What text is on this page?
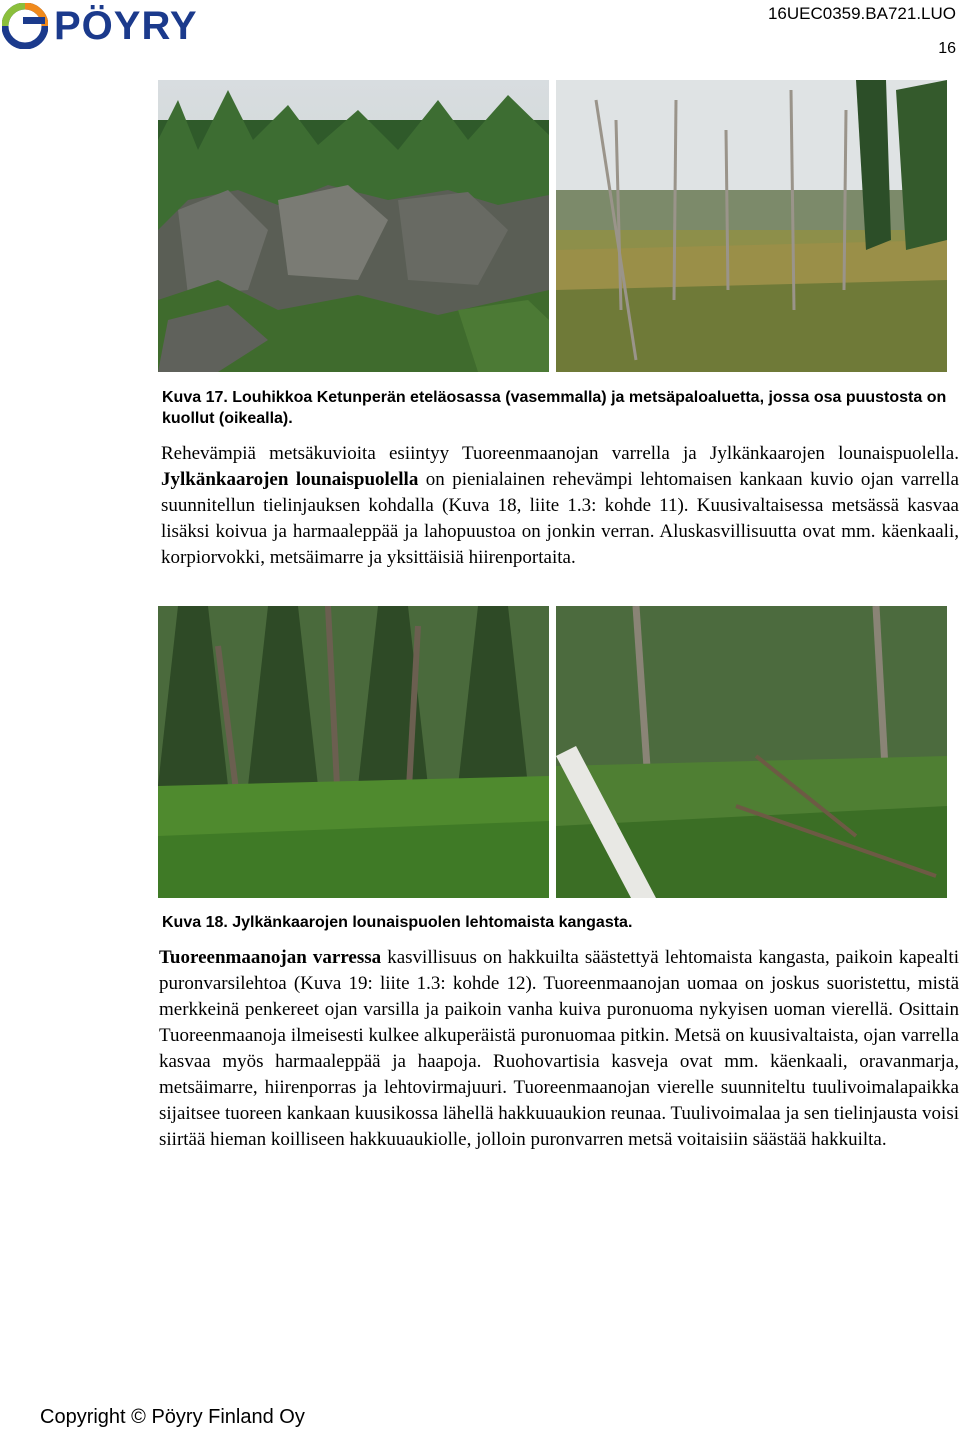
PÖYRY	16UEC0359.BA721.LUO
16
Kuva 17. Louhikkoa Ketunperän eteläosassa (vasemmalla) ja metsäpaloaluetta, jossa osa puustosta on kuollut (oikealla).

Rehevämpiä metsäkuvioita esiintyy Tuoreenmaanojan varrella ja Jylkänkaarojen lounaispuolella. Jylkänkaarojen lounaispuolella on pienialainen rehevämpi lehtomaisen kankaan kuvio ojan varrella suunnitellun tielinjauksen kohdalla (Kuva 18, liite 1.3: kohde 11). Kuusivaltaisessa metsässä kasvaa lisäksi koivua ja harmaaleppää ja lahopuustoa on jonkin verran. Aluskasvillisuutta ovat mm. käenkaali, korpiorvokki, metsäimarre ja yksittäisiä hiirenportaita.

Kuva 18. Jylkänkaarojen lounaispuolen lehtomaista kangasta.

Tuoreenmaanojan varressa kasvillisuus on hakkuilta säästettyä lehtomaista kangasta, paikoin kapealti puronvarsilehtoa (Kuva 19: liite 1.3: kohde 12). Tuoreenmaanojan uomaa on joskus suoristettu, mistä merkkeinä penkereet ojan varsilla ja paikoin vanha kuiva puronuoma nykyisen uoman vierellä. Osittain Tuoreenmaanoja ilmeisesti kulkee alkuperäistä puronuomaa pitkin. Metsä on kuusivaltaista, ojan varrella kasvaa myös harmaaleppää ja haapoja. Ruohovartisia kasveja ovat mm. käenkaali, oravanmarja, metsäimarre, hiirenporras ja lehtovirmajuuri. Tuoreenmaanojan vierelle suunniteltu tuulivoimalapaikka sijaitsee tuoreen kankaan kuusikossa lähellä hakkuuaukion reunaa. Tuulivoimalaa ja sen tielinjausta voisi siirtää hieman koilliseen hakkuuaukiolle, jolloin puronvarren metsä voitaisiin säästää hakkuilta.

Copyright © Pöyry Finland Oy
